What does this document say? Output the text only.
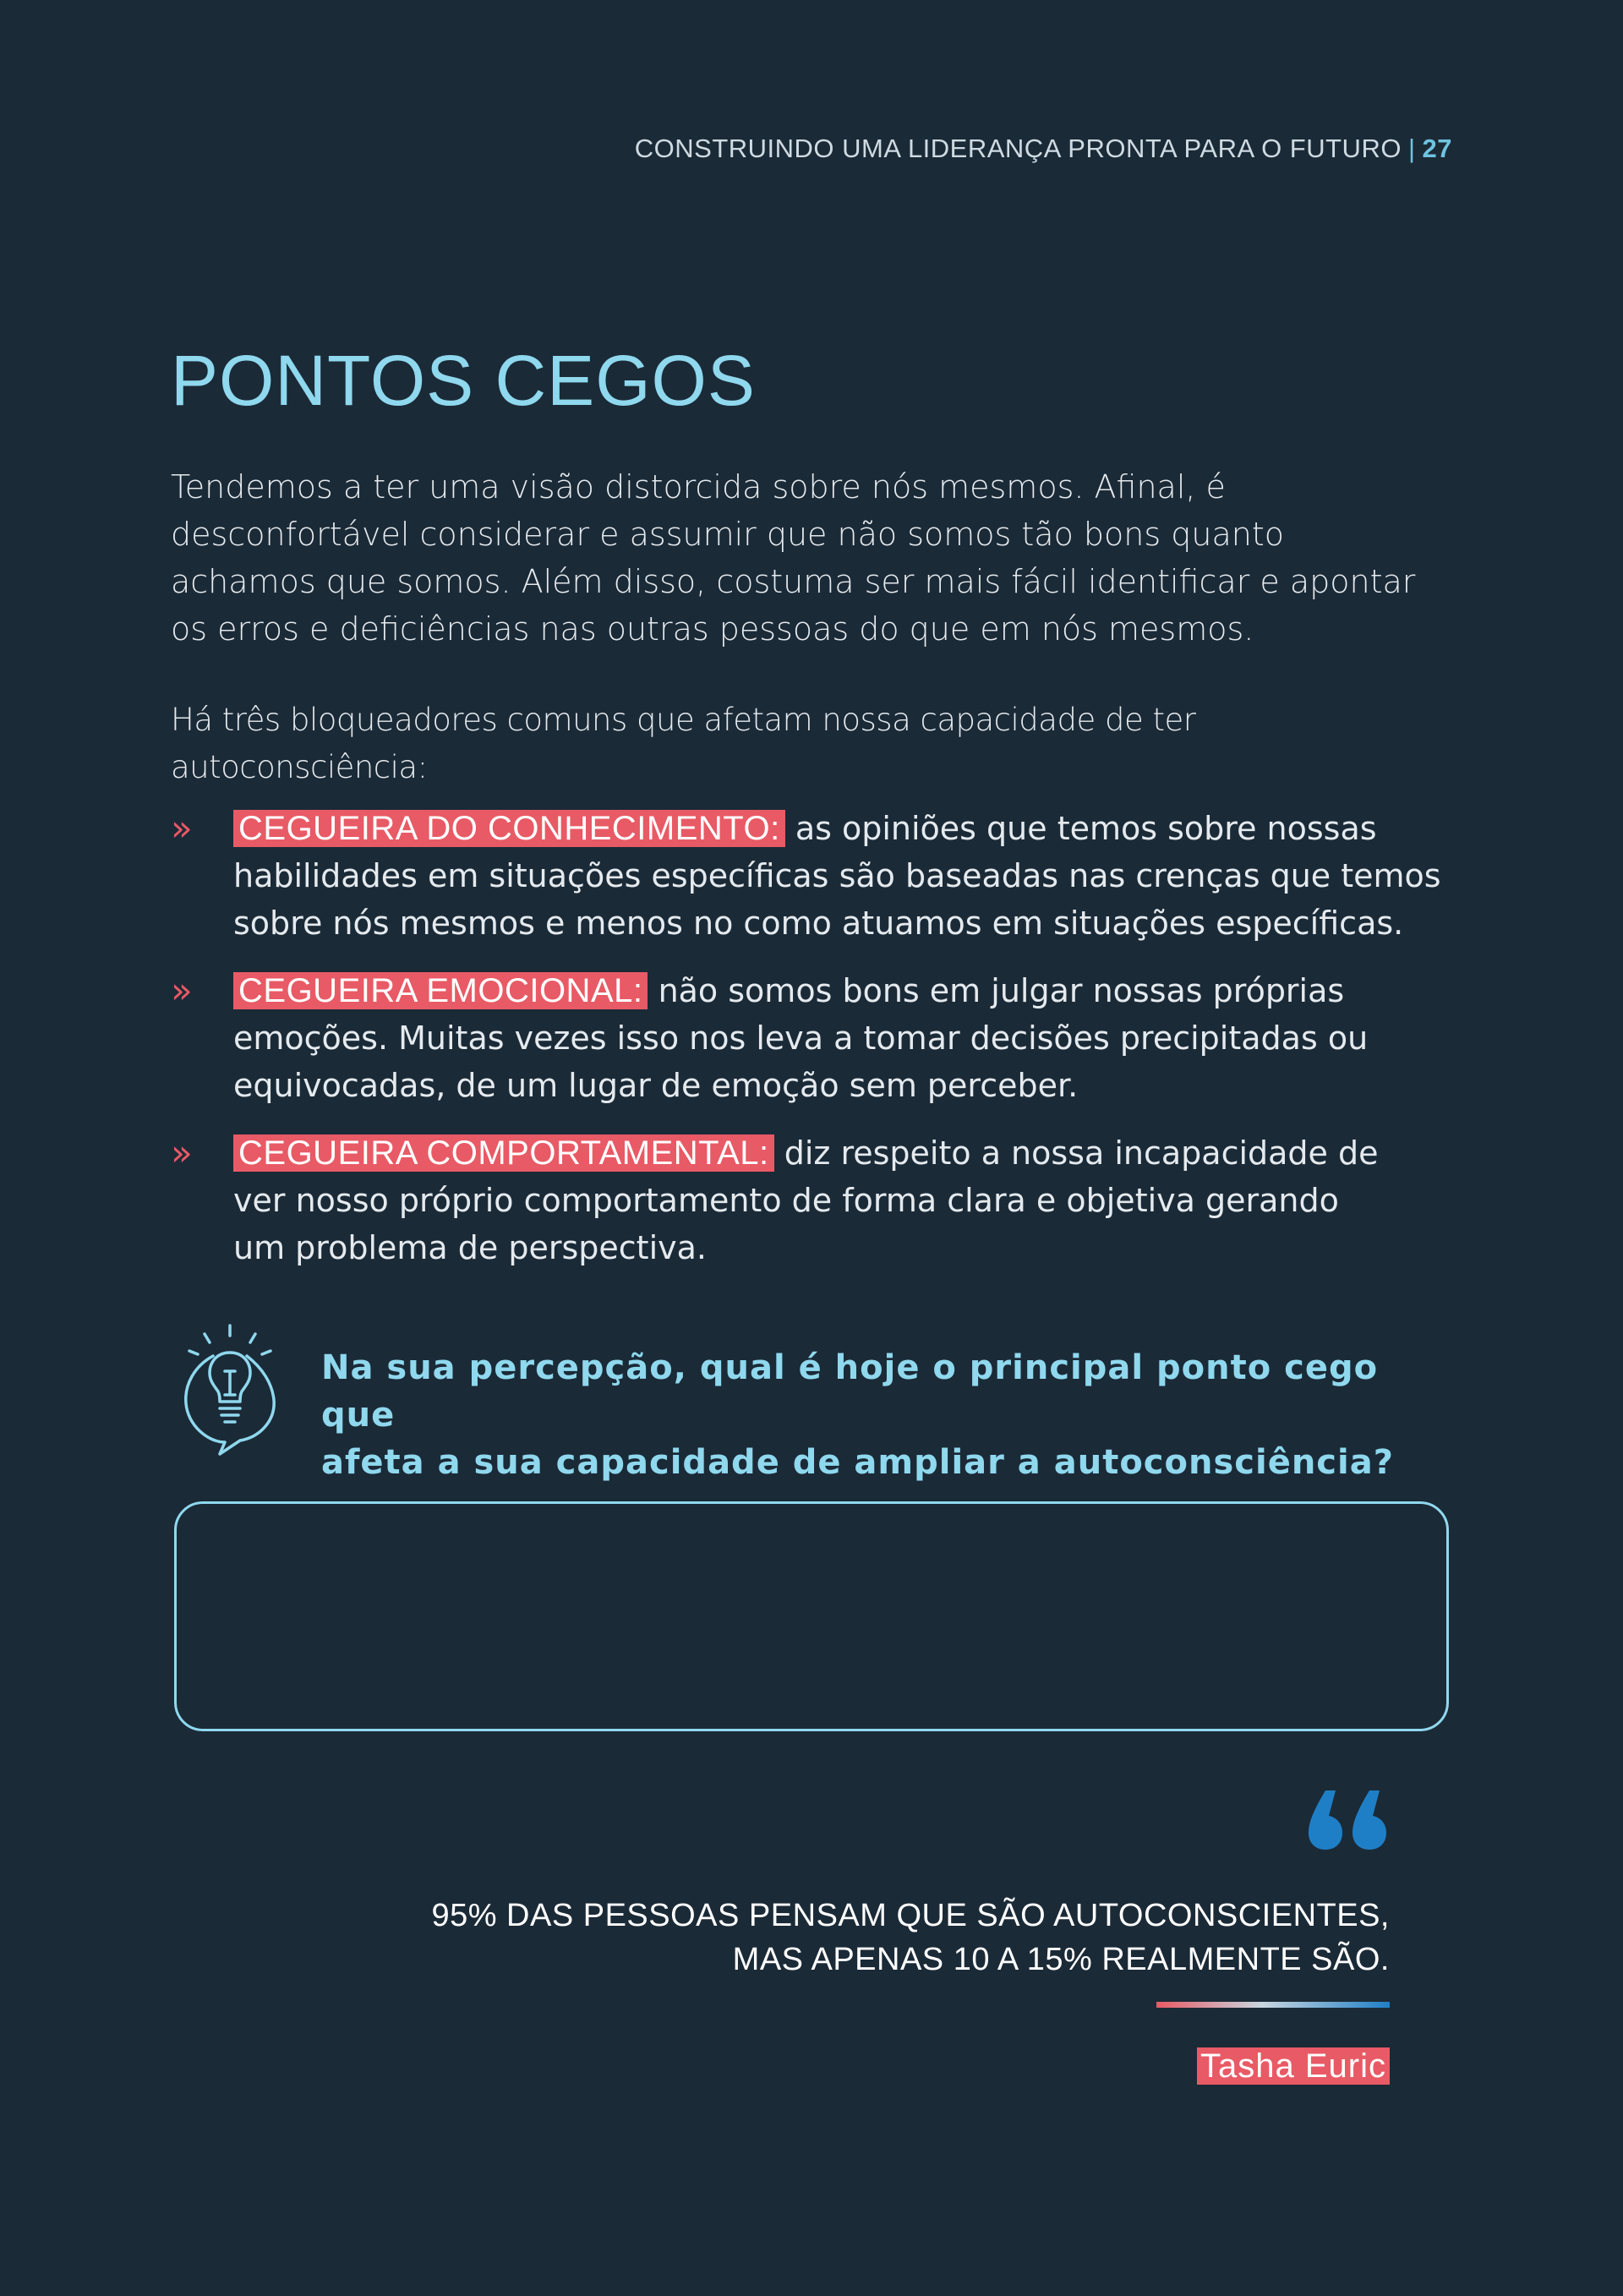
CONSTRUINDO UMA LIDERANÇA PRONTA PARA O FUTURO | 27
PONTOS CEGOS

Tendemos a ter uma visão distorcida sobre nós mesmos. Afinal, é
desconfortável considerar e assumir que não somos tão bons quanto
achamos que somos. Além disso, costuma ser mais fácil identificar e apontar
os erros e deficiências nas outras pessoas do que em nós mesmos.

Há três bloqueadores comuns que afetam nossa capacidade de ter autoconsciência:

» CEGUEIRA DO CONHECIMENTO: as opiniões que temos sobre nossas
habilidades em situações específicas são baseadas nas crenças que temos
sobre nós mesmos e menos no como atuamos em situações específicas.
» CEGUEIRA EMOCIONAL: não somos bons em julgar nossas próprias
emoções. Muitas vezes isso nos leva a tomar decisões precipitadas ou
equivocadas, de um lugar de emoção sem perceber.
» CEGUEIRA COMPORTAMENTAL: diz respeito a nossa incapacidade de
ver nosso próprio comportamento de forma clara e objetiva gerando
um problema de perspectiva.

Na sua percepção, qual é hoje o principal ponto cego que
afeta a sua capacidade de ampliar a autoconsciência?

95% DAS PESSOAS PENSAM QUE SÃO AUTOCONSCIENTES,
MAS APENAS 10 A 15% REALMENTE SÃO.

Tasha Euric
